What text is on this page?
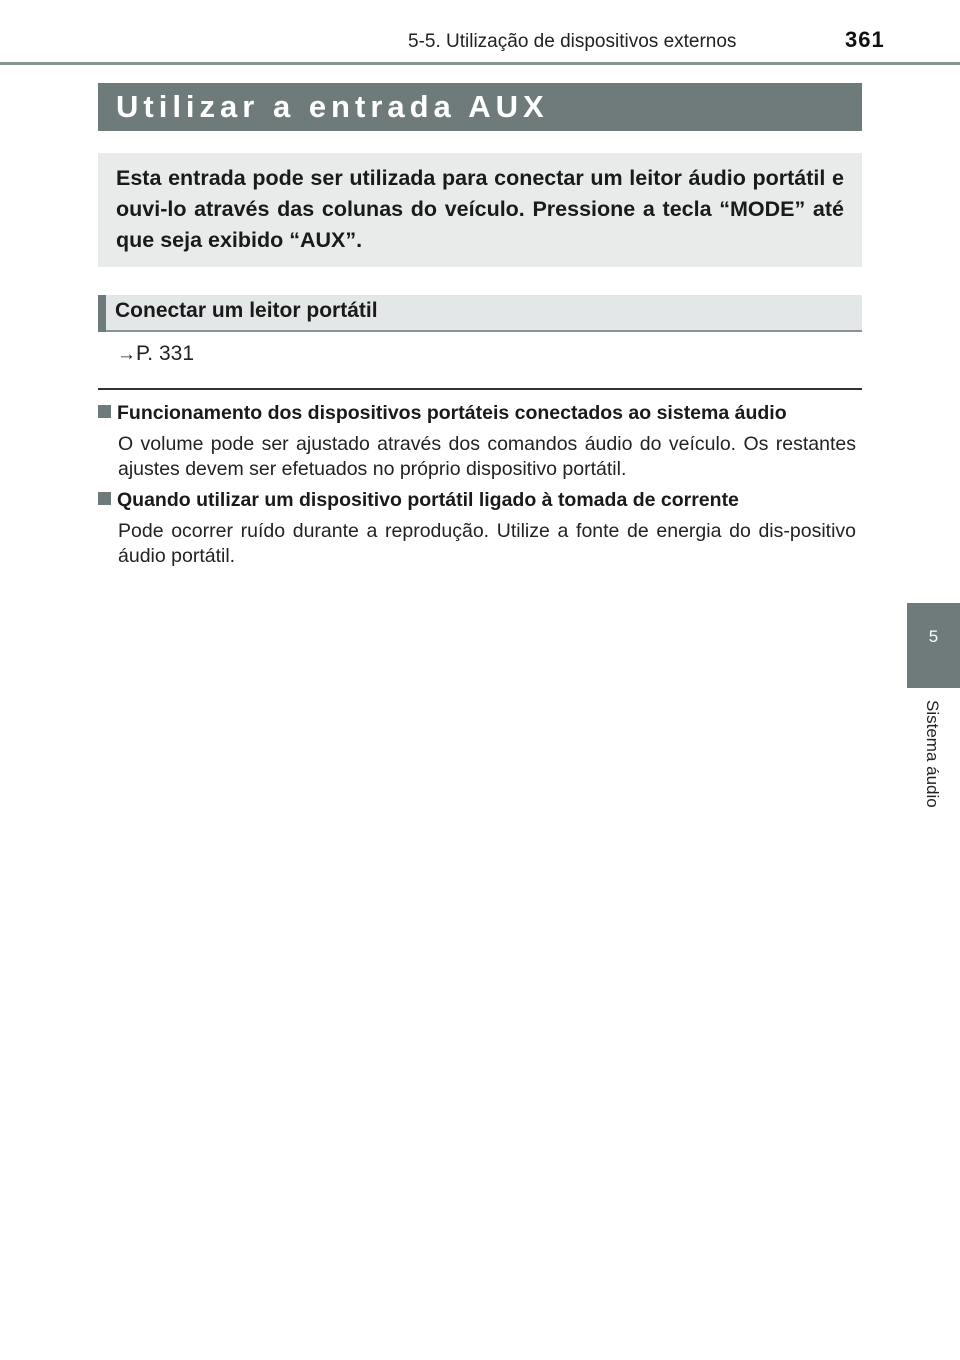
5-5. Utilização de dispositivos externos	361
5
Sistema áudio
Utilizar a entrada AUX
Esta entrada pode ser utilizada para conectar um leitor áudio portátil e ouvi-lo através das colunas do veículo. Pressione a tecla “MODE” até que seja exibido “AUX”.
Conectar um leitor portátil
→P. 331
Funcionamento dos dispositivos portáteis conectados ao sistema áudio
O volume pode ser ajustado através dos comandos áudio do veículo. Os restantes ajustes devem ser efetuados no próprio dispositivo portátil.
Quando utilizar um dispositivo portátil ligado à tomada de corrente
Pode ocorrer ruído durante a reprodução. Utilize a fonte de energia do dis-positivo áudio portátil.
